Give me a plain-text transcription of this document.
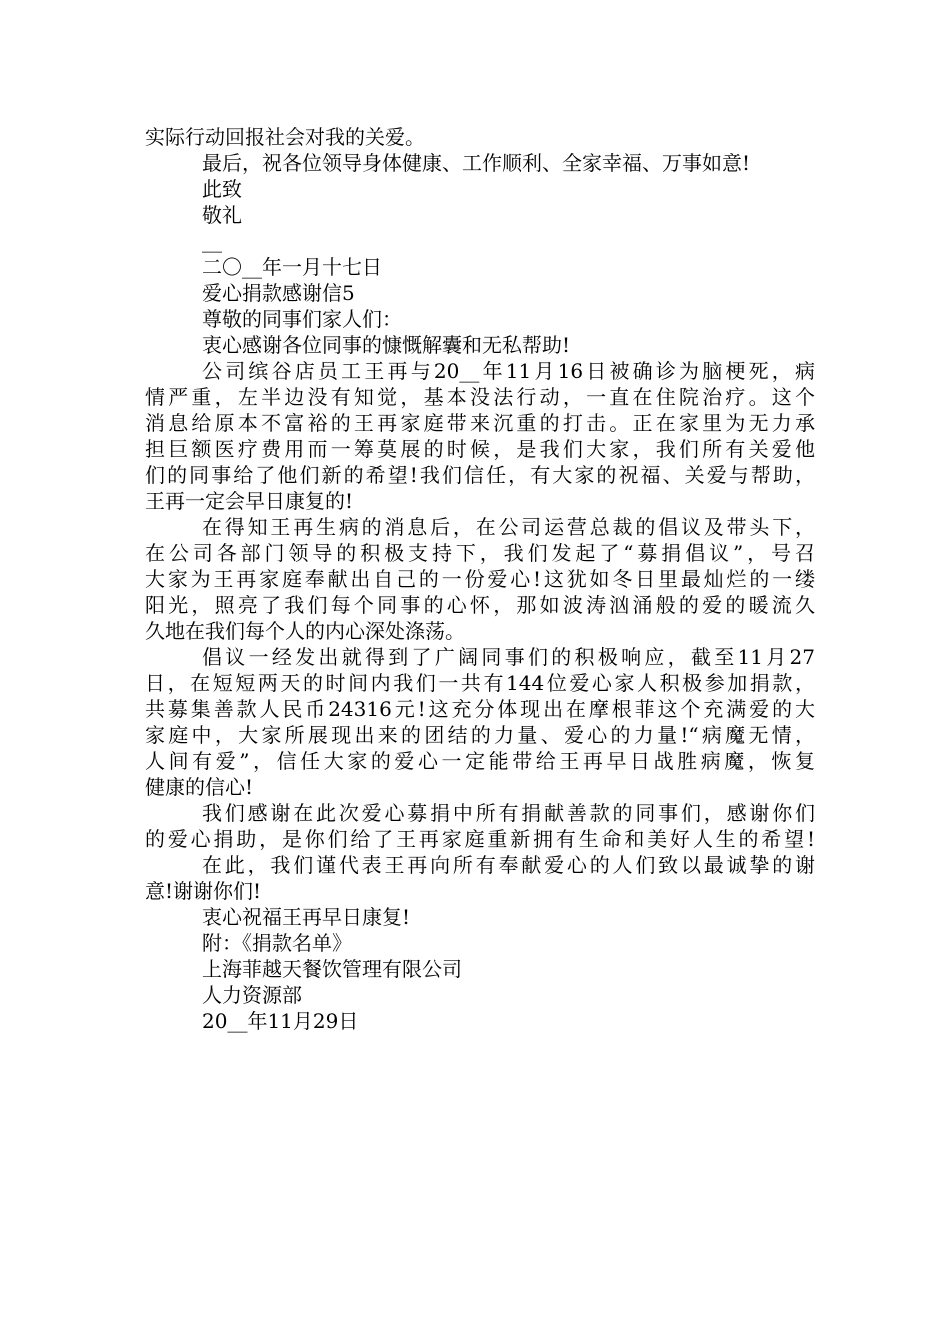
实际行动回报社会对我的关爱。
最后，祝各位领导身体健康、工作顺利、全家幸福、万事如意!
此致
敬礼
__
二〇__年一月十七日
爱心捐款感谢信5
尊敬的同事们家人们：
衷心感谢各位同事的慷慨解囊和无私帮助!
公司缤谷店员工王再与20__年11月16日被确诊为脑梗死，病
情严重，左半边没有知觉，基本没法行动，一直在住院治疗。这个
消息给原本不富裕的王再家庭带来沉重的打击。正在家里为无力承
担巨额医疗费用而一筹莫展的时候，是我们大家，我们所有关爱他
们的同事给了他们新的希望!我们信任，有大家的祝福、关爱与帮助，
王再一定会早日康复的!
在得知王再生病的消息后，在公司运营总裁的倡议及带头下，
在公司各部门领导的积极支持下，我们发起了“募捐倡议”，号召
大家为王再家庭奉献出自己的一份爱心!这犹如冬日里最灿烂的一缕
阳光，照亮了我们每个同事的心怀，那如波涛汹涌般的爱的暖流久
久地在我们每个人的内心深处涤荡。
倡议一经发出就得到了广阔同事们的积极响应，截至11月27
日，在短短两天的时间内我们一共有144位爱心家人积极参加捐款，
共募集善款人民币24316元!这充分体现出在摩根菲这个充满爱的大
家庭中，大家所展现出来的团结的力量、爱心的力量!“病魔无情，
人间有爱”，信任大家的爱心一定能带给王再早日战胜病魔，恢复
健康的信心!
我们感谢在此次爱心募捐中所有捐献善款的同事们，感谢你们
的爱心捐助，是你们给了王再家庭重新拥有生命和美好人生的希望!
在此，我们谨代表王再向所有奉献爱心的人们致以最诚挚的谢
意!谢谢你们!
衷心祝福王再早日康复!
附：《捐款名单》
上海菲越天餐饮管理有限公司
人力资源部
20__年11月29日
